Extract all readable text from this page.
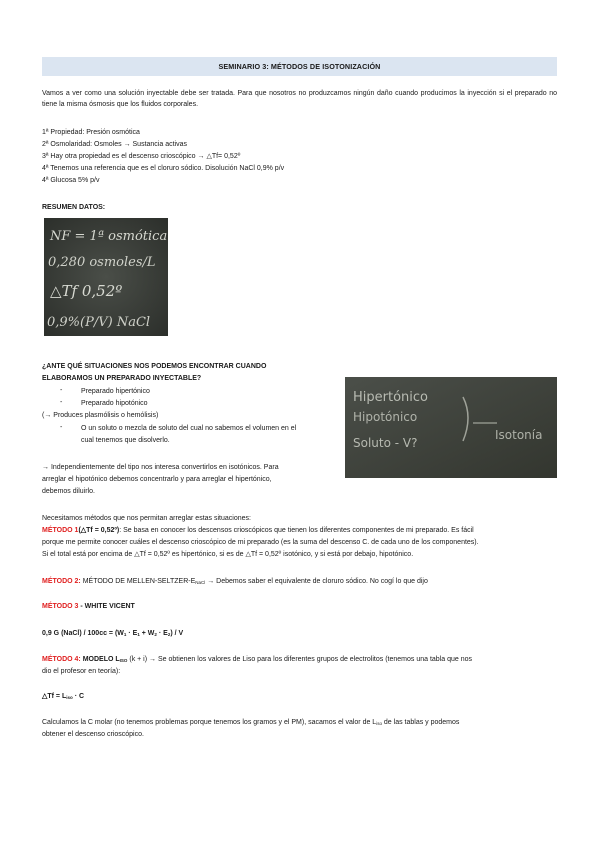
SEMINARIO 3: MÉTODOS DE ISOTONIZACIÓN
Vamos a ver como una solución inyectable debe ser tratada. Para que nosotros no produzcamos ningún daño cuando producimos la inyección si el preparado no tiene la misma ósmosis que los fluidos corporales.
1ª Propiedad: Presión osmótica
2ª Osmolaridad: Osmoles → Sustancia activas
3ª Hay otra propiedad es el descenso crioscópico → △Tf= 0,52º
4ª Tenemos una referencia que es el cloruro sódico. Disolución NaCl 0,9% p/v
4ª Glucosa 5% p/v
RESUMEN DATOS:
NF = 1ª osmótica
0,280 osmoles/L
△Tf 0,52º
0,9%(P/V) NaCl
¿ANTE QUÉ SITUACIONES NOS PODEMOS ENCONTRAR CUANDO
ELABORAMOS UN PREPARADO INYECTABLE?
-	Preparado hipertónico
-	Preparado hipotónico
(→ Produces plasmólisis o hemólisis)
-	O un soluto o mezcla de soluto del cual no sabemos el volumen en el
cual tenemos que disolverlo.
Hipertónico
Hipotónico
Soluto - V?
Isotonía
→ Independientemente del tipo nos interesa convertirlos en isotónicos. Para
arreglar el hipotónico debemos concentrarlo y para arreglar el hipertónico,
debemos diluirlo.
Necesitamos métodos que nos permitan arreglar estas situaciones:
MÉTODO 1(△Tf = 0,52º): Se basa en conocer los descensos crioscópicos que tienen los diferentes componentes de mi preparado. Es fácil
porque me permite conocer cuáles el descenso crioscópico de mi preparado (es la suma del descenso C. de cada uno de los componentes).
Si el total está por encima de △Tf = 0,52º es hipertónico, si es de △Tf = 0,52º isotónico, y si está por debajo, hipotónico.
MÉTODO 2: MÉTODO DE MELLEN-$SELTZER-E_{NaCl}$ → Debemos saber el equivalente de cloruro sódico. No cogí lo que dijo
MÉTODO 3 - WHITE VICENT
0,9 G (NaCl) / $100cc = (W_1 \cdot E_1 + W_2 \cdot E_2) / V$
MÉTODO 4: MODELO $L_{ISO}$ (k + i) → Se obtienen los valores de Liso para los diferentes grupos de electrolitos (tenemos una tabla que nos
dio el profesor en teoría):
△Tf = $L_{iso} \cdot C$
Calculamos la C molar (no tenemos problemas porque tenemos los gramos y el PM), sacamos el valor de $L_{iso}$ de las tablas y podemos
obtener el descenso crioscópico.
